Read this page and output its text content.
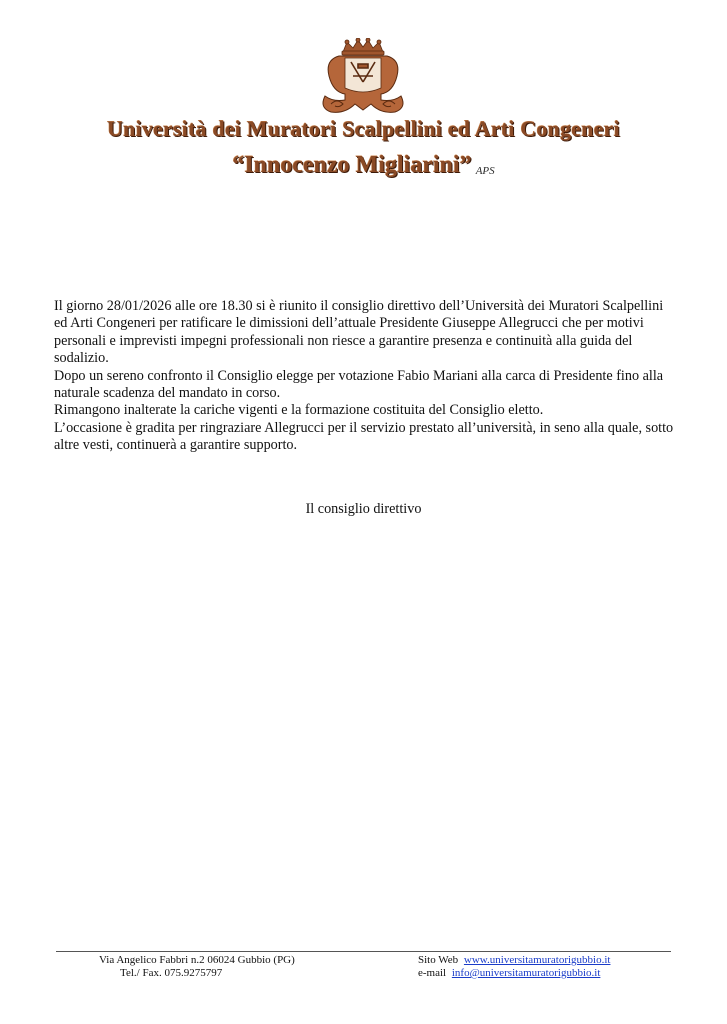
Università dei Muratori Scalpellini ed Arti Congeneri
“Innocenzo Migliarini” APS

Il giorno 28/01/2026 alle ore 18.30 si è riunito il consiglio direttivo dell’Università dei Muratori Scalpellini ed Arti Congeneri per ratificare le dimissioni dell’attuale Presidente Giuseppe Allegrucci che per motivi personali e imprevisti impegni professionali non riesce a garantire presenza e continuità alla guida del sodalizio.

Dopo un sereno confronto il Consiglio elegge per votazione Fabio Mariani alla carca di Presidente fino alla naturale scadenza del mandato in corso.

Rimangono inalterate la cariche vigenti e la formazione costituita del Consiglio eletto.

L’occasione è gradita per ringraziare Allegrucci per il servizio prestato all’università, in seno alla quale, sotto altre vesti, continuerà a garantire supporto.

Il consiglio direttivo
Via Angelico Fabbri n.2 06024 Gubbio (PG)
Tel./ Fax. 075.9275797
Sito Web www.universitamuratorigubbio.it
e-mail info@universitamuratorigubbio.it
